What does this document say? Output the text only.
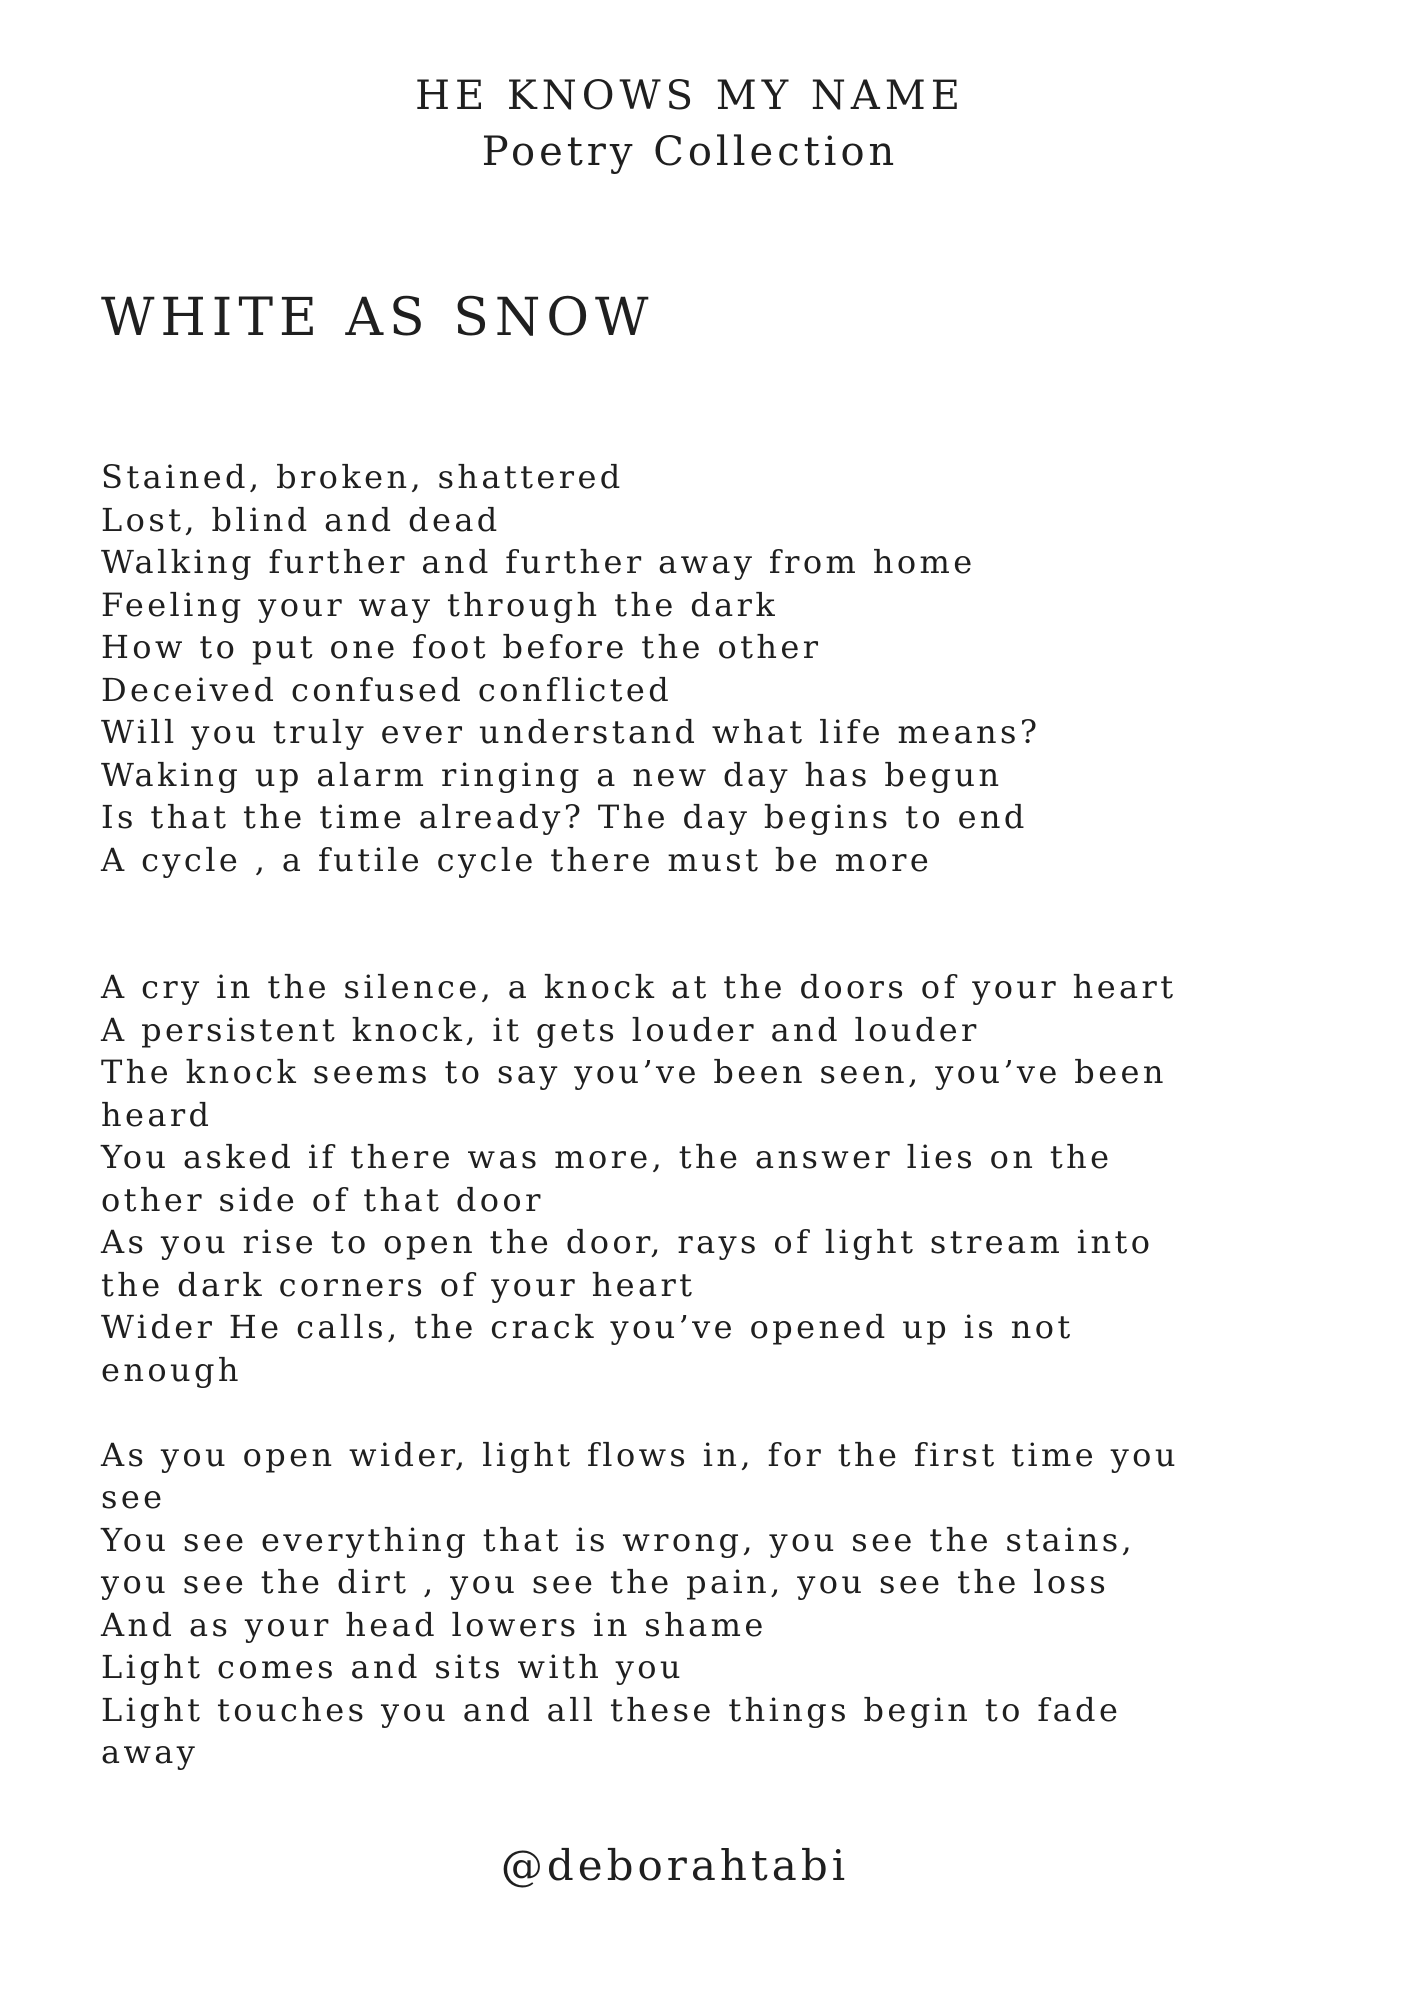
HE KNOWS MY NAME
Poetry Collection
WHITE AS SNOW
Stained, broken, shattered
Lost, blind and dead
Walking further and further away from home
Feeling your way through the dark
How to put one foot before the other
Deceived confused conflicted
Will you truly ever understand what life means?
Waking up alarm ringing a new day has begun
Is that the time already? The day begins to end
A cycle , a futile cycle there must be more
A cry in the silence, a knock at the doors of your heart
A persistent knock, it gets louder and louder
The knock seems to say you’ve been seen, you’ve been
heard
You asked if there was more, the answer lies on the
other side of that door
As you rise to open the door, rays of light stream into
the dark corners of your heart
Wider He calls, the crack you’ve opened up is not
enough
As you open wider, light flows in, for the first time you
see
You see everything that is wrong, you see the stains,
you see the dirt , you see the pain, you see the loss
And as your head lowers in shame
Light comes and sits with you
Light touches you and all these things begin to fade
away
@deborahtabi
